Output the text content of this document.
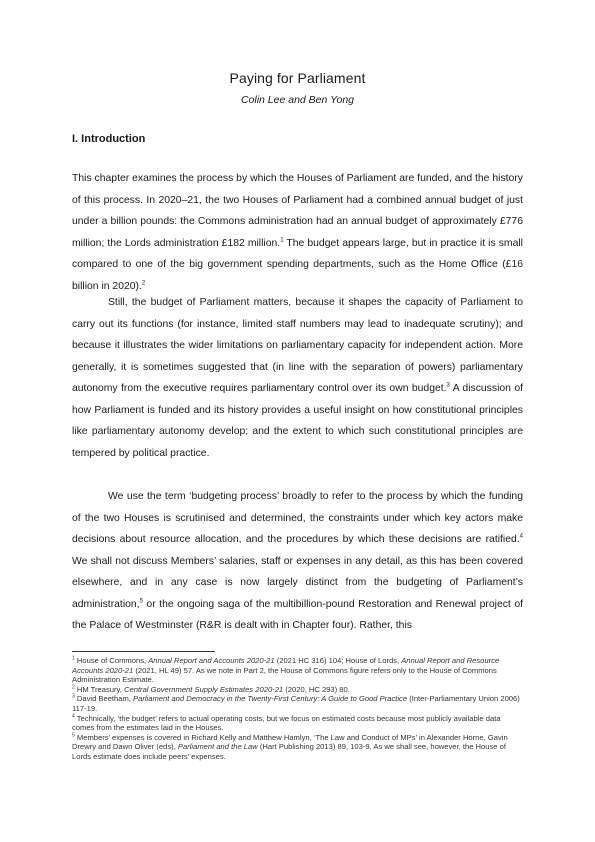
Paying for Parliament
Colin Lee and Ben Yong
I. Introduction

This chapter examines the process by which the Houses of Parliament are funded, and the history of this process. In 2020–21, the two Houses of Parliament had a combined annual budget of just under a billion pounds: the Commons administration had an annual budget of approximately £776 million; the Lords administration £182 million.$^1$ The budget appears large, but in practice it is small compared to one of the big government spending departments, such as the Home Office (£16 billion in 2020).$^2$

Still, the budget of Parliament matters, because it shapes the capacity of Parliament to carry out its functions (for instance, limited staff numbers may lead to inadequate scrutiny); and because it illustrates the wider limitations on parliamentary capacity for independent action. More generally, it is sometimes suggested that (in line with the separation of powers) parliamentary autonomy from the executive requires parliamentary control over its own budget.$^3$ A discussion of how Parliament is funded and its history provides a useful insight on how constitutional principles like parliamentary autonomy develop; and the extent to which such constitutional principles are tempered by political practice.

We use the term ‘budgeting process’ broadly to refer to the process by which the funding of the two Houses is scrutinised and determined, the constraints under which key actors make decisions about resource allocation, and the procedures by which these decisions are ratified.$^4$ We shall not discuss Members’ salaries, staff or expenses in any detail, as this has been covered elsewhere, and in any case is now largely distinct from the budgeting of Parliament’s administration,$^5$ or the ongoing saga of the multibillion-pound Restoration and Renewal project of the Palace of Westminster (R&R is dealt with in Chapter four). Rather, this

$^1$ House of Commons, Annual Report and Accounts 2020-21 (2021 HC 316) 104; House of Lords, Annual Report and Resource Accounts 2020-21 (2021, HL 49) 57. As we note in Part 2, the House of Commons figure refers only to the House of Commons Administration Estimate.

$^2$ HM Treasury, Central Government Supply Estimates 2020-21 (2020, HC 293) 80.

$^3$ David Beetham, Parliament and Democracy in the Twenty-First Century: A Guide to Good Practice (Inter-Parliamentary Union 2006) 117-19.

$^4$ Technically, ‘the budget’ refers to actual operating costs, but we focus on estimated costs because most publicly available data comes from the estimates laid in the Houses.

$^5$ Members’ expenses is covered in Richard Kelly and Matthew Hamlyn, ‘The Law and Conduct of MPs’ in Alexander Horne, Gavin Drewry and Dawn Oliver (eds), Parliament and the Law (Hart Publishing 2013) 89, 103-9. As we shall see, however, the House of Lords estimate does include peers’ expenses.
